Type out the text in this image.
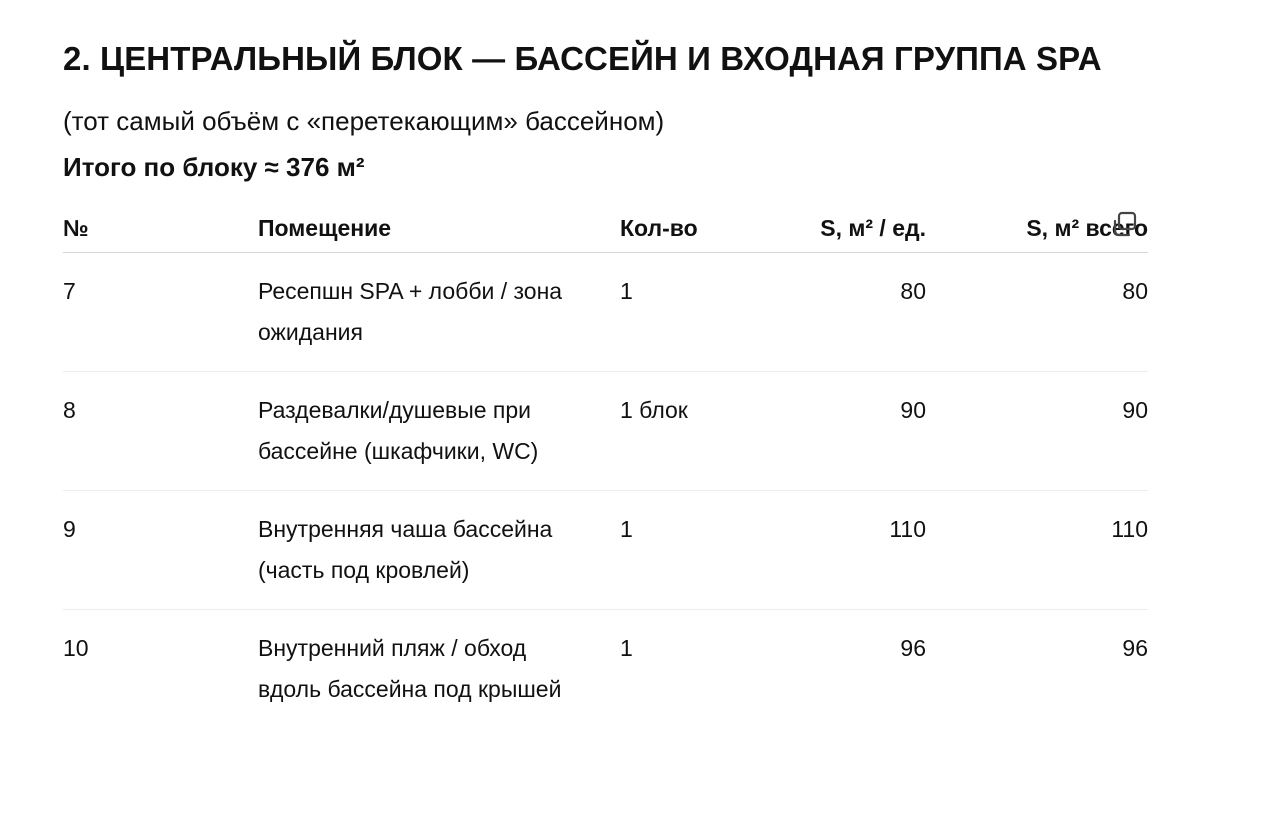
2. ЦЕНТРАЛЬНЫЙ БЛОК — БАССЕЙН И ВХОДНАЯ ГРУППА SPA

(тот самый объём с «перетекающим» бассейном)

Итого по блоку ≈ 376 м²

№	Помещение	Кол-во	S, м² / ед.	S, м² всего

7	Ресепшн SPA + лобби / зона ожидания	1	80	80

8	Раздевалки/душевые при бассейне (шкафчики, WC)	1 блок	90	90

9	Внутренняя чаша бассейна (часть под кровлей)	1	110	110

10	Внутренний пляж / обход вдоль бассейна под крышей	1	96	96
